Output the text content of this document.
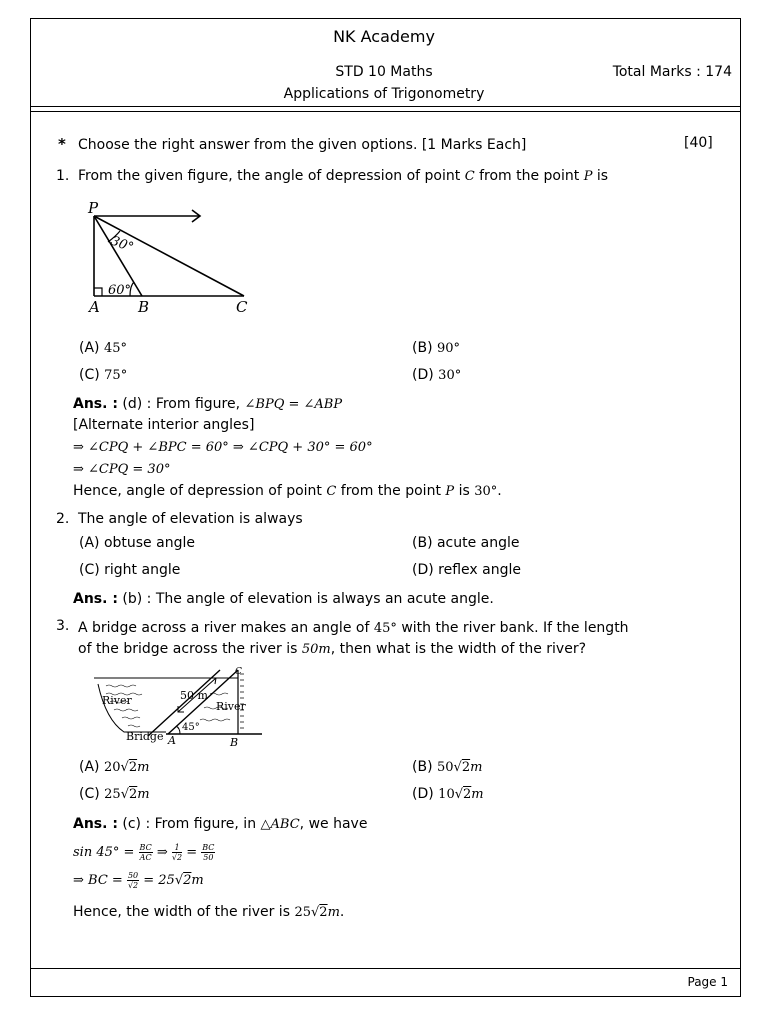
NK Academy
STD 10 Maths	Total Marks : 174
Applications of Trigonometry
* Choose the right answer from the given options. [1 Marks Each]	[40]
1. From the given figure, the angle of depression of point C from the point P is
P
A	B	C
30°
60°
(A) 45°	(B) 90°
(C) 75°	(D) 30°
Ans. : (d) : From figure, ∠BPQ = ∠ABP
[Alternate interior angles]
⇒ ∠CPQ + ∠BPC = 60° ⇒ ∠CPQ + 30° = 60°
⇒ ∠CPQ = 30°
Hence, angle of depression of point C from the point P is 30°.
2. The angle of elevation is always
(A) obtuse angle	(B) acute angle
(C) right angle	(D) reflex angle
Ans. : (b) : The angle of elevation is always an acute angle.
3. A bridge across a river makes an angle of 45° with the river bank. If the length
of the bridge across the river is 50m, then what is the width of the river?
River	River
50 m
45°
Bridge A	B
C
(A) 20√2m	(B) 50√2m
(C) 25√2m	(D) 10√2m
Ans. : (c) : From figure, in △ABC, we have
$\sin 45^\circ = \frac{BC}{AC}$ ⇒ $\frac{1}{√2} = \frac{BC}{50}$
⇒ BC = $\frac{50}{√2} = 25√2m$
Hence, the width of the river is 25√2m.
Page 1
